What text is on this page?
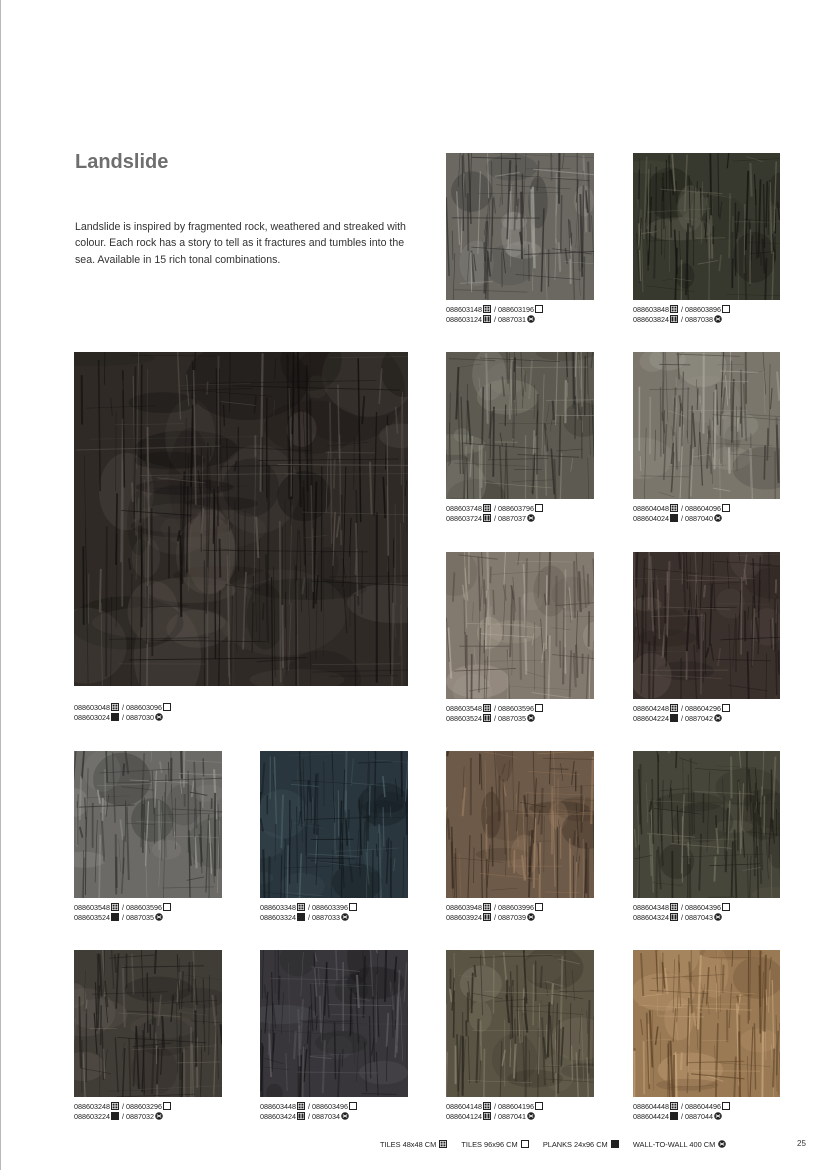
Landslide

Landslide is inspired by fragmented rock, weathered and streaked with colour. Each rock has a story to tell as it fractures and tumbles into the sea. Available in 15 rich tonal combinations.

088603148 / 088603196
088603124 / 0887031
088603848 / 088603896
088603824 / 0887038
088603048 / 088603096
088603024 / 0887030
088603748 / 088603796
088603724 / 0887037
088604048 / 088604096
088604024 / 0887040
088603548 / 088603596
088603524 / 0887035
088604248 / 088604296
088604224 / 0887042
088603548 / 088603596
088603524 / 0887035
088603348 / 088603396
088603324 / 0887033
088603948 / 088603996
088603924 / 0887039
088604348 / 088604396
088604324 / 0887043
088603248 / 088603296
088603224 / 0887032
088603448 / 088603496
088603424 / 0887034
088604148 / 088604196
088604124 / 0887041
088604448 / 088604496
088604424 / 0887044
TILES 48x48 CM	TILES 96x96 CM	PLANKS 24x96 CM	WALL-TO-WALL 400 CM	25
